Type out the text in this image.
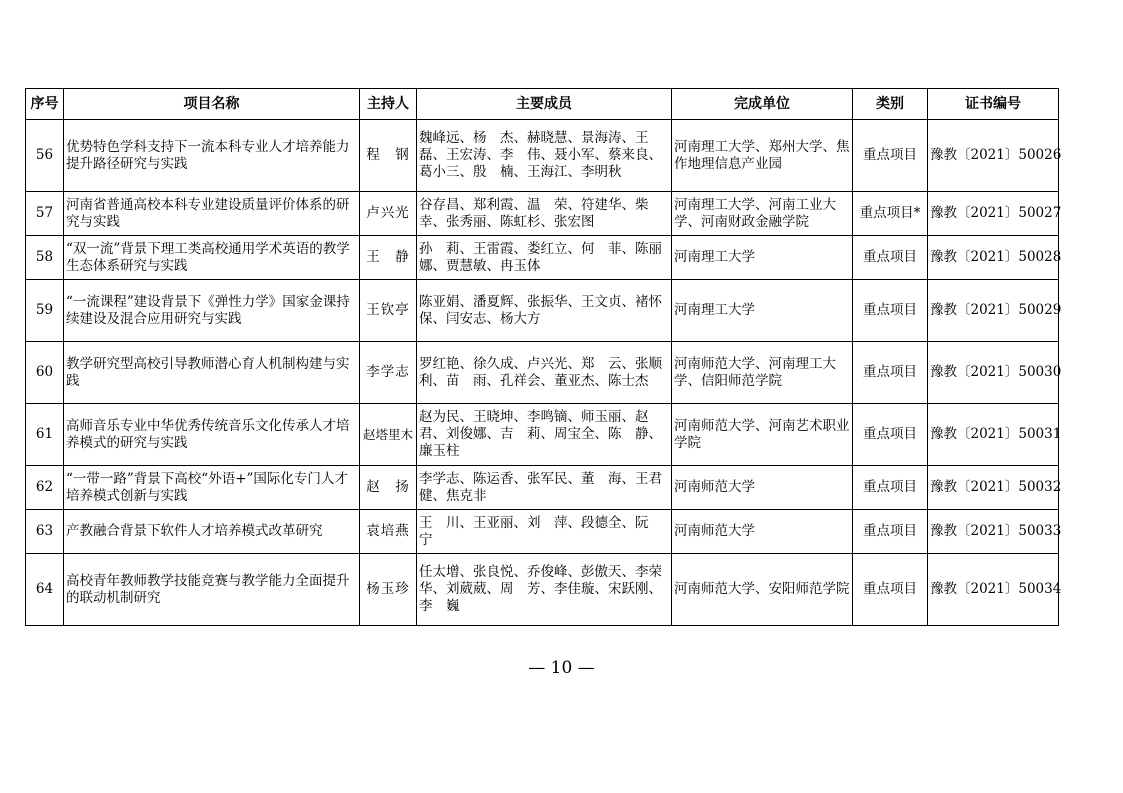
序号	项目名称	主持人	主要成员	完成单位	类别	证书编号
56	优势特色学科支持下一流本科专业人才培养能力提升路径研究与实践	程　钢	魏峰远、杨　杰、赫晓慧、景海涛、王　磊、王宏涛、李　伟、聂小军、蔡来良、葛小三、殷　楠、王海江、李明秋	河南理工大学、郑州大学、焦作地理信息产业园	重点项目	豫教〔2021〕50026
57	河南省普通高校本科专业建设质量评价体系的研究与实践	卢兴光	谷存昌、郑利霞、温　荣、符建华、柴　幸、张秀丽、陈虹杉、张宏图	河南理工大学、河南工业大学、河南财政金融学院	重点项目*	豫教〔2021〕50027
58	“双一流”背景下理工类高校通用学术英语的教学生态体系研究与实践	王　静	孙　莉、王雷霞、娄红立、何　菲、陈丽娜、贾慧敏、冉玉体	河南理工大学	重点项目	豫教〔2021〕50028
59	“一流课程”建设背景下《弹性力学》国家金课持续建设及混合应用研究与实践	王钦亭	陈亚娟、潘夏辉、张振华、王文贞、褚怀保、闫安志、杨大方	河南理工大学	重点项目	豫教〔2021〕50029
60	教学研究型高校引导教师潜心育人机制构建与实践	李学志	罗红艳、徐久成、卢兴光、郑　云、张顺利、苗　雨、孔祥会、董亚杰、陈士杰	河南师范大学、河南理工大学、信阳师范学院	重点项目	豫教〔2021〕50030
61	高师音乐专业中华优秀传统音乐文化传承人才培养模式的研究与实践	赵塔里木	赵为民、王晓坤、李鸣镝、师玉丽、赵　君、刘俊娜、吉　莉、周宝全、陈　静、廉玉柱	河南师范大学、河南艺术职业学院	重点项目	豫教〔2021〕50031
62	“一带一路”背景下高校“外语+”国际化专门人才培养模式创新与实践	赵　扬	李学志、陈运香、张军民、董　海、王君健、焦克非	河南师范大学	重点项目	豫教〔2021〕50032
63	产教融合背景下软件人才培养模式改革研究	袁培燕	王　川、王亚丽、刘　萍、段德全、阮　宁	河南师范大学	重点项目	豫教〔2021〕50033
64	高校青年教师教学技能竞赛与教学能力全面提升的联动机制研究	杨玉珍	任太增、张良悦、乔俊峰、彭傲天、李荣华、刘葳葳、周　芳、李佳璇、宋跃刚、李　巍	河南师范大学、安阳师范学院	重点项目	豫教〔2021〕50034
— 10 —
